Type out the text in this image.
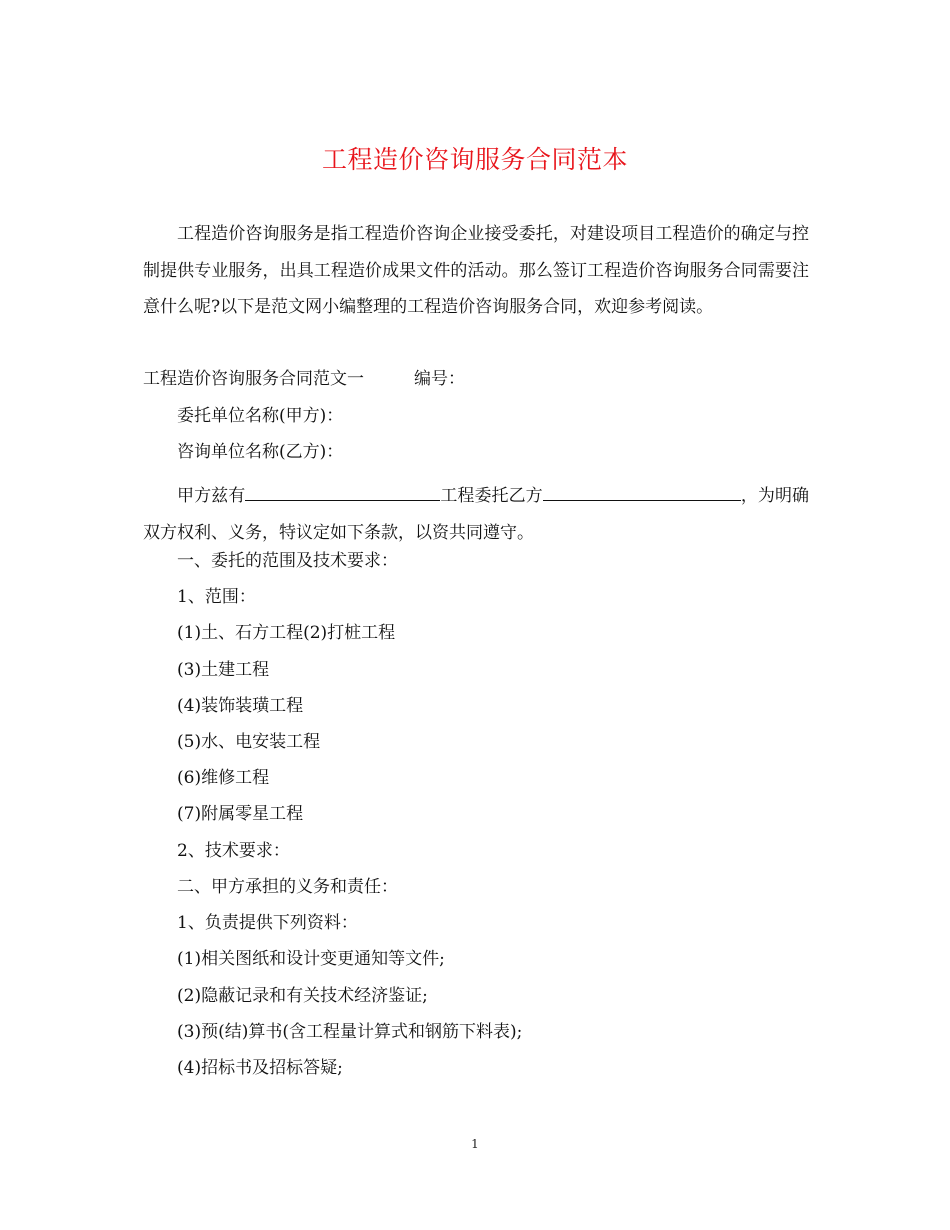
工程造价咨询服务合同范本
工程造价咨询服务是指工程造价咨询企业接受委托，对建设项目工程造价的确定与控制提供专业服务，出具工程造价成果文件的活动。那么签订工程造价咨询服务合同需要注意什么呢?以下是范文网小编整理的工程造价咨询服务合同，欢迎参考阅读。
工程造价咨询服务合同范文一	编号：
委托单位名称(甲方)：
咨询单位名称(乙方)：
甲方兹有	工程委托乙方	，为明确双方权利、义务，特议定如下条款，以资共同遵守。
一、委托的范围及技术要求：
1、范围：
(1)土、石方工程(2)打桩工程
(3)土建工程
(4)装饰装璜工程
(5)水、电安装工程
(6)维修工程
(7)附属零星工程
2、技术要求：
二、甲方承担的义务和责任：
1、负责提供下列资料：
(1)相关图纸和设计变更通知等文件;
(2)隐蔽记录和有关技术经济鉴证;
(3)预(结)算书(含工程量计算式和钢筋下料表);
(4)招标书及招标答疑;
1
